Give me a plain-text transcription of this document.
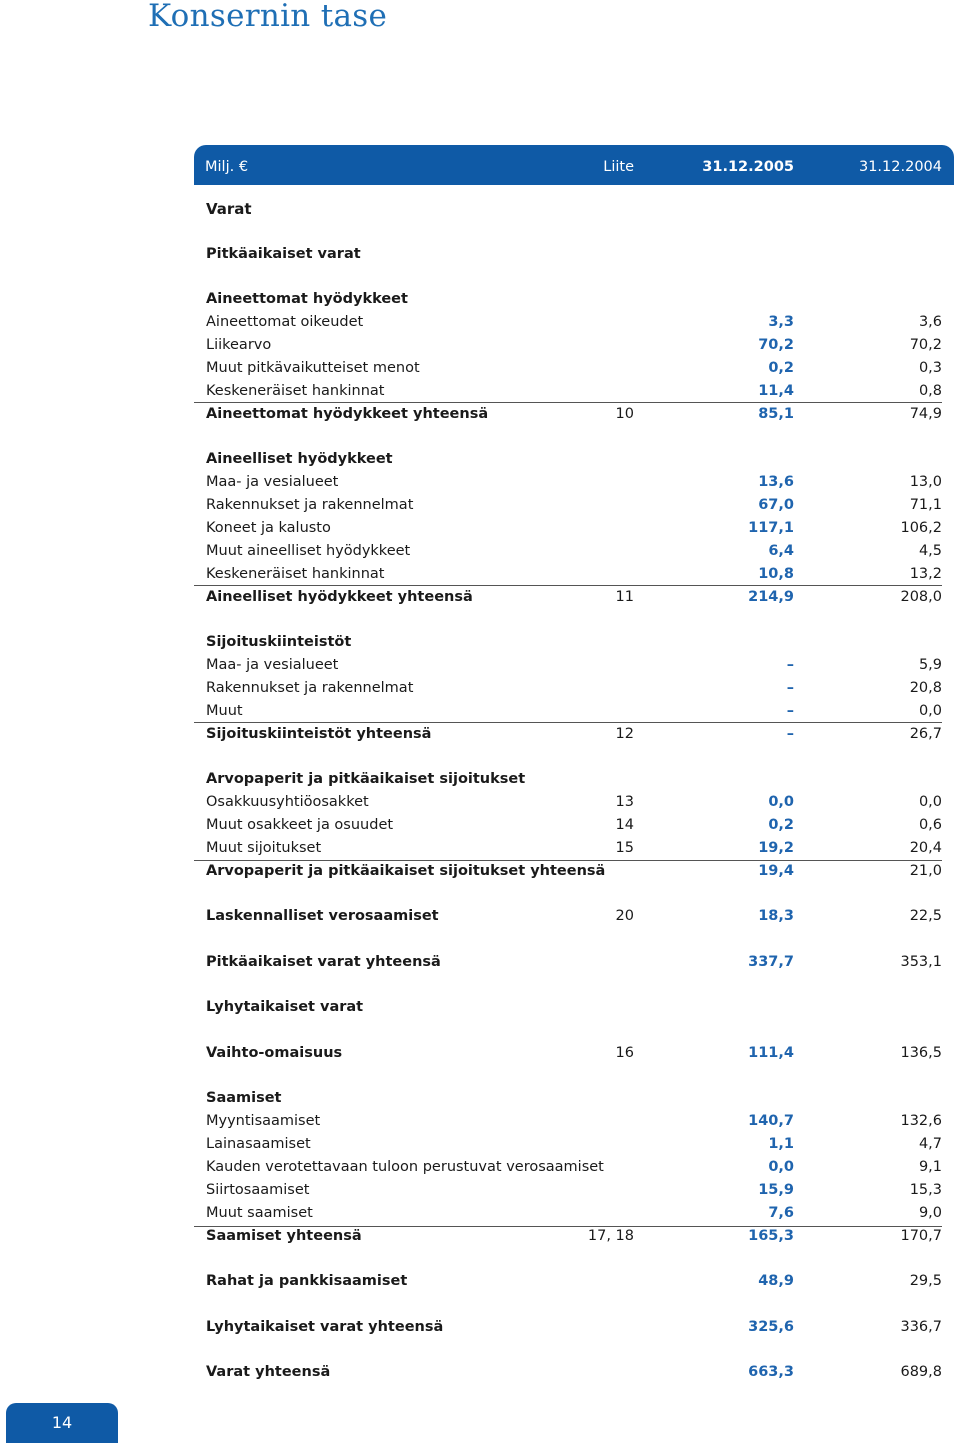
Konsernin tase
Milj. €	Liite	31.12.2005	31.12.2004
Varat
Pitkäaikaiset varat
Aineettomat hyödykkeet
Aineettomat oikeudet	3,3	3,6
Liikearvo	70,2	70,2
Muut pitkävaikutteiset menot	0,2	0,3
Keskeneräiset hankinnat	11,4	0,8
Aineettomat hyödykkeet yhteensä	10	85,1	74,9
Aineelliset hyödykkeet
Maa- ja vesialueet	13,6	13,0
Rakennukset ja rakennelmat	67,0	71,1
Koneet ja kalusto	117,1	106,2
Muut aineelliset hyödykkeet	6,4	4,5
Keskeneräiset hankinnat	10,8	13,2
Aineelliset hyödykkeet yhteensä	11	214,9	208,0
Sijoituskiinteistöt
Maa- ja vesialueet	–	5,9
Rakennukset ja rakennelmat	–	20,8
Muut	–	0,0
Sijoituskiinteistöt yhteensä	12	–	26,7
Arvopaperit ja pitkäaikaiset sijoitukset
Osakkuusyhtiöosakket	13	0,0	0,0
Muut osakkeet ja osuudet	14	0,2	0,6
Muut sijoitukset	15	19,2	20,4
Arvopaperit ja pitkäaikaiset sijoitukset yhteensä	19,4	21,0
Laskennalliset verosaamiset	20	18,3	22,5
Pitkäaikaiset varat yhteensä	337,7	353,1
Lyhytaikaiset varat
Vaihto-omaisuus	16	111,4	136,5
Saamiset
Myyntisaamiset	140,7	132,6
Lainasaamiset	1,1	4,7
Kauden verotettavaan tuloon perustuvat verosaamiset	0,0	9,1
Siirtosaamiset	15,9	15,3
Muut saamiset	7,6	9,0
Saamiset yhteensä	17, 18	165,3	170,7
Rahat ja pankkisaamiset	48,9	29,5
Lyhytaikaiset varat yhteensä	325,6	336,7
Varat yhteensä	663,3	689,8
14
